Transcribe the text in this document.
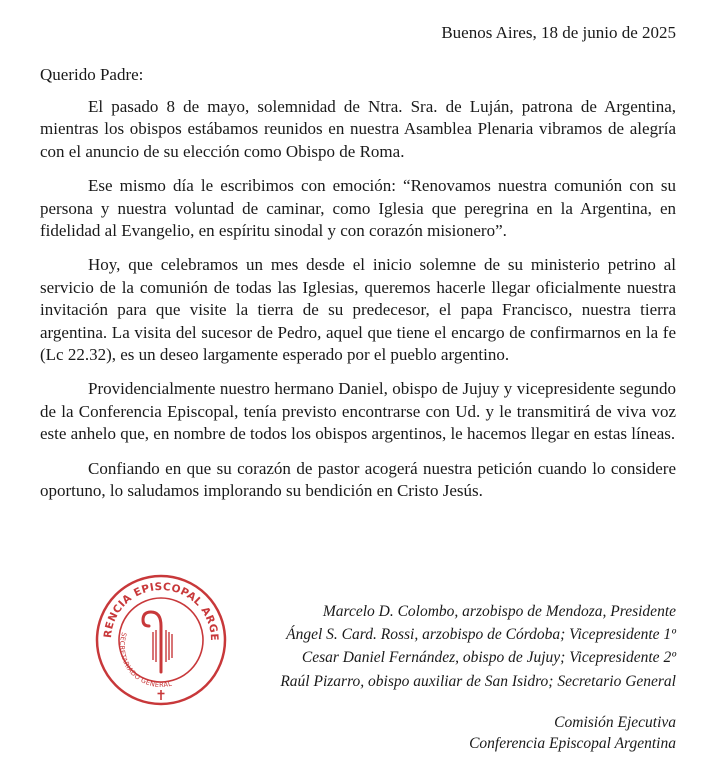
Buenos Aires, 18 de junio de 2025
Querido Padre:

El pasado 8 de mayo, solemnidad de Ntra. Sra. de Luján, patrona de Argentina, mientras los obispos estábamos reunidos en nuestra Asamblea Plenaria vibramos de alegría con el anuncio de su elección como Obispo de Roma.

Ese mismo día le escribimos con emoción: “Renovamos nuestra comunión con su persona y nuestra voluntad de caminar, como Iglesia que peregrina en la Argentina, en fidelidad al Evangelio, en espíritu sinodal y con corazón misionero”.

Hoy, que celebramos un mes desde el inicio solemne de su ministerio petrino al servicio de la comunión de todas las Iglesias, queremos hacerle llegar oficialmente nuestra invitación para que visite la tierra de su predecesor, el papa Francisco, nuestra tierra argentina. La visita del sucesor de Pedro, aquel que tiene el encargo de confirmarnos en la fe (Lc 22.32), es un deseo largamente esperado por el pueblo argentino.

Providencialmente nuestro hermano Daniel, obispo de Jujuy y vicepresidente segundo de la Conferencia Episcopal, tenía previsto encontrarse con Ud. y le transmitirá de viva voz este anhelo que, en nombre de todos los obispos argentinos, le hacemos llegar en estas líneas.

Confiando en que su corazón de pastor acogerá nuestra petición cuando lo considere oportuno, lo saludamos implorando su bendición en Cristo Jesús.

RENCIA EPISCOPAL ARGE
SECRETARIADO GENERAL
Marcelo D. Colombo, arzobispo de Mendoza, Presidente
Ángel S. Card. Rossi, arzobispo de Córdoba; Vicepresidente 1º
Cesar Daniel Fernández, obispo de Jujuy; Vicepresidente 2º
Raúl Pizarro, obispo auxiliar de San Isidro; Secretario General
Comisión Ejecutiva
Conferencia Episcopal Argentina
